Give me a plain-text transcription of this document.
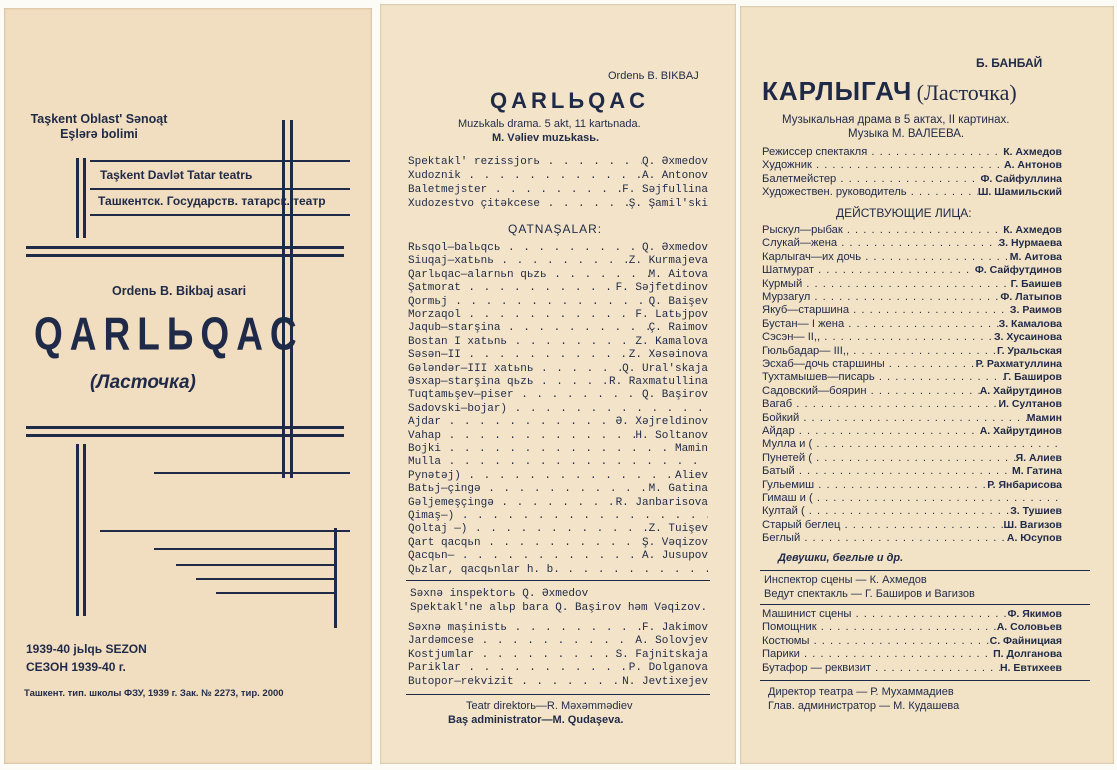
Taşkent Oblast' Sənoąt
Eşlərə bolimi
Taşkent Davlət Tatar teatrь
Ташкентск. Государств. татарск. театр
Ordenь B. Bikbaj asari
QARLЬQAC
(Ласточка)
1939-40 jьlqь SEZON
СЕЗОН 1939-40 г.
Ташкент. тип. школы ФЗУ, 1939 г. Зак. № 2273, тир. 2000
Ordenь B. BIKBAJ
QARLЬQAC
Muzьkalь drama. 5 akt, 11 kartьnada.
M. Vəliev muzьkasь.
Spektakl' rezissjorь . . .	Q. Əxmedov
Xudoznik . . .	A. Antonov
Baletmejster . . .	F. Səjfullina
Xudozestvo çitəkcese . . .	Ş. Şamil'ski
QATNAŞALAR:
Rьsqol—balьqcь . . .	Q. Əxmedov
Siuqaj—xatьnь . . .	Z. Kurmajeva
Qarlьqac—alarnьn qьzь . . .	M. Aitova
Şatmorat . . .	F. Səjfetdinov
Qormьj . . .	Q. Baişev
Morzaqol . . .	F. Latьjpov
Jaqub—starşina . . .	Ç. Raimov
Bostan I xatьnь . . .	Z. Kamalova
Səsən—II . . .	Z. Xəsəinova
Gələndər—III xatьnь . . .	Q. Ural'skaja
Əsxap—starşina qьzь . . .	R. Raxmatullina
Tuqtamьşev—piser . . .	Q. Başirov
Sadovski—bojar) . . .
Ajdar . . .	Ə. Xəjreldinov
Vahap . . .	H. Soltanov
Bojki . . .	Mamin
Mulla . . .
Pynətəj) . . .	Aliev
Batьj—çingə . . .	M. Gatina
Gəljemeşçingə . . .	R. Janbarisova
Qimaş—) . . .
Qoltaj —) . . .	Z. Tuişev
Qart qacqьn . . .	Ş. Vəqizov
Qacqьn— . . .	A. Jusupov
Qьzlar, qacqьnlar h. b. . . .
Səxnə inspektorь Q. Əxmedov
Spektakl'ne alьp bara Q. Başirov həm Vəqizov.
Səxnə maşinistь . . .	F. Jakimov
Jardəmcese . . .	A. Solovjev
Kostjumlar . . .	S. Fajnitskaja
Pariklar . . .	P. Dolganova
Butopor—rekvizit . . .	N. Jevtixejev
Teatr direktorь—R. Məxəmmədiev
Baş administrator—M. Qudaşeva.
Б. БАНБАЙ
КАРЛЫГАЧ (Ласточка)
Музыкальная драма в 5 актах, II картинах.
Музыка М. ВАЛЕЕВА.
Режиссер спектакля . . .	К. Ахмедов
Художник . . .	А. Антонов
Балетмейстер . . .	Ф. Сайфуллина
Художествен. руководитель . . .	Ш. Шамильский
ДЕЙСТВУЮЩИЕ ЛИЦА:
Рыскул—рыбак . . .	К. Ахмедов
Слукай—жена . . .	З. Нурмаева
Карлыгач—их дочь . . .	М. Аитова
Шатмурат . . .	Ф. Сайфутдинов
Курмый . . .	Г. Баишев
Мурзагул . . .	Ф. Латыпов
Якуб—старшина . . .	З. Раимов
Бустан— I жена . . .	З. Камалова
Сэсэн— II,, . . .	З. Хусаинова
Гюльбадар— III,, . . .	Г. Уральская
Эсхаб—дочь старшины . . .	Р. Рахматуллина
Тухтамышев—писарь . . .	Г. Баширов
Садовский—боярин . . .	А. Хайрутдинов
Вагаб . . .	И. Султанов
Бойкий . . .	Мамин
Айдар . . .	А. Хайрутдинов
Мулла и ( . . .
Пунетей ( . . .	Я. Алиев
Батый . . .	М. Гатина
Гульемиш . . .	Р. Янбарисова
Гимаш и ( . . .
Култай ( . . .	З. Тушиев
Старый беглец . . .	Ш. Вагизов
Беглый . . .	А. Юсупов
Девушки, беглые и др.
Инспектор сцены — К. Ахмедов
Ведут спектакль — Г. Баширов и Вагизов
Машинист сцены . . .	Ф. Якимов
Помощник . . .	А. Соловьев
Костюмы . . .	С. Файнициая
Парики . . .	П. Долганова
Бутафор — реквизит . . .	Н. Евтихеев
Директор театра — Р. Мухаммадиев
Глав. администратор — М. Кудашева
